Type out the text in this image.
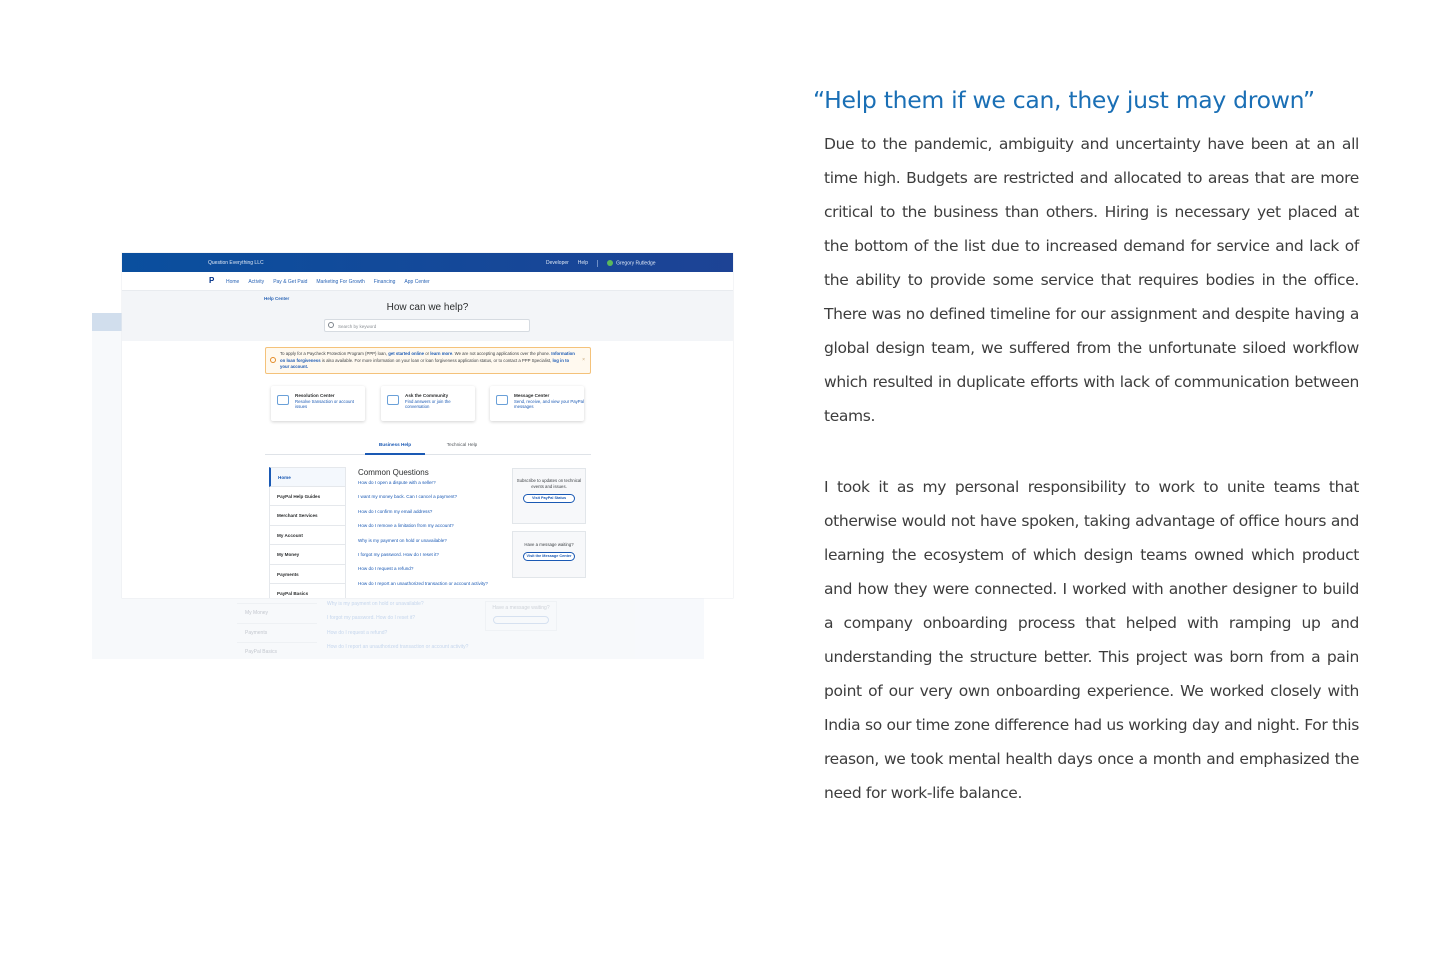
My Money
Payments
PayPal Basics
Why is my payment on hold or unavailable?
I forgot my password. How do I reset it?
How do I request a refund?
How do I report an unauthorized transaction or account activity?
Have a message waiting?
Question Everything LLC	Developer Help	Gregory Rutledge
P Home Activity Pay & Get Paid Marketing For Growth Financing App Center
Help Center
How can we help?
Search by keyword
To apply for a Paycheck Protection Program (PPP) loan, get started online or learn more. We are not accepting applications over the phone. Information on loan forgiveness is also available. For more information on your loan or loan forgiveness application status, or to contact a PPP Specialist, log in to your account.
×
Resolution Center
Resolve transaction or account issues
Ask the Community
Find answers or join the conversation
Message Center
Send, receive, and view your PayPal messages
Business Help	Technical Help
Home
PayPal Help Guides
Merchant Services
My Account
My Money
Payments
PayPal Basics
Common Questions
How do I open a dispute with a seller?
I want my money back. Can I cancel a payment?
How do I confirm my email address?
How do I remove a limitation from my account?
Why is my payment on hold or unavailable?
I forgot my password. How do I reset it?
How do I request a refund?
How do I report an unauthorized transaction or account activity?
Subscribe to updates on technical events and issues.
Visit PayPal Status
Have a message waiting?
Visit the Message Center
“Help them if we can, they just may drown”

Due to the pandemic, ambiguity and uncertainty have been at an all time high. Budgets are restricted and allocated to areas that are more critical to the business than others. Hiring is necessary yet placed at the bottom of the list due to increased demand for service and lack of the ability to provide some service that requires bodies in the office. There was no defined timeline for our assignment and despite having a global design team, we suffered from the unfortunate siloed workflow which resulted in duplicate efforts with lack of communication between teams.

I took it as my personal responsibility to work to unite teams that otherwise would not have spoken, taking advantage of office hours and learning the ecosystem of which design teams owned which product and how they were connected. I worked with another designer to build a company onboarding process that helped with ramping up and understanding the structure better. This project was born from a pain point of our very own onboarding experience. We worked closely with India so our time zone difference had us working day and night. For this reason, we took mental health days once a month and emphasized the need for work-life balance.
